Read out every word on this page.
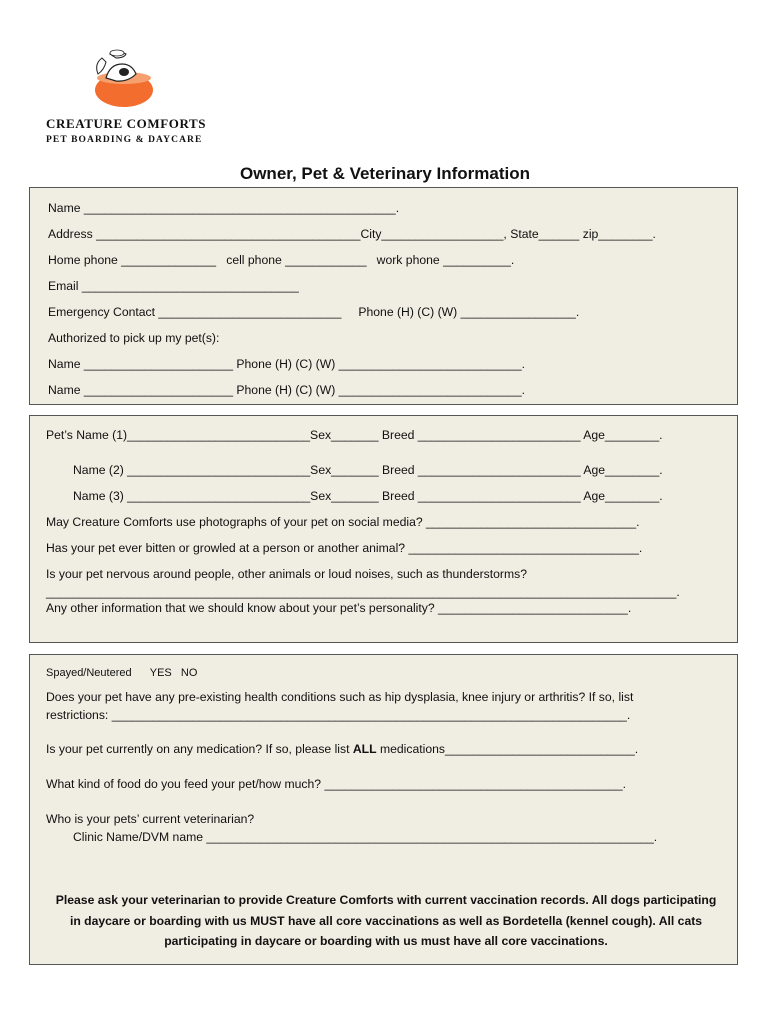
CREATURE COMFORTS
PET BOARDING & DAYCARE
Owner, Pet & Veterinary Information
Name ______________________________________________.
Address _______________________________________City__________________, State______ zip________.
Home phone ______________   cell phone ____________   work phone __________.
Email ________________________________
Emergency Contact ___________________________     Phone (H) (C) (W) _________________.
Authorized to pick up my pet(s):
Name ______________________ Phone (H) (C) (W) ___________________________.
Name ______________________ Phone (H) (C) (W) ___________________________.
Pet’s Name (1)___________________________Sex_______ Breed ________________________ Age________.
Name (2) ___________________________Sex_______ Breed ________________________ Age________.
Name (3) ___________________________Sex_______ Breed ________________________ Age________.
May Creature Comforts use photographs of your pet on social media? _______________________________.
Has your pet ever bitten or growled at a person or another animal? __________________________________.
Is your pet nervous around people, other animals or loud noises, such as thunderstorms?
_____________________________________________________________________________________________.
Any other information that we should know about your pet’s personality? ____________________________.
Spayed/Neutered      YES   NO
Does your pet have any pre-existing health conditions such as hip dysplasia, knee injury or arthritis? If so, list
restrictions: ____________________________________________________________________________.
Is your pet currently on any medication? If so, please list ALL medications____________________________.
What kind of food do you feed your pet/how much? ____________________________________________.
Who is your pets’ current veterinarian?
Clinic Name/DVM name __________________________________________________________________.
Please ask your veterinarian to provide Creature Comforts with current vaccination records. All dogs participating in daycare or boarding with us MUST have all core vaccinations as well as Bordetella (kennel cough). All cats participating in daycare or boarding with us must have all core vaccinations.
